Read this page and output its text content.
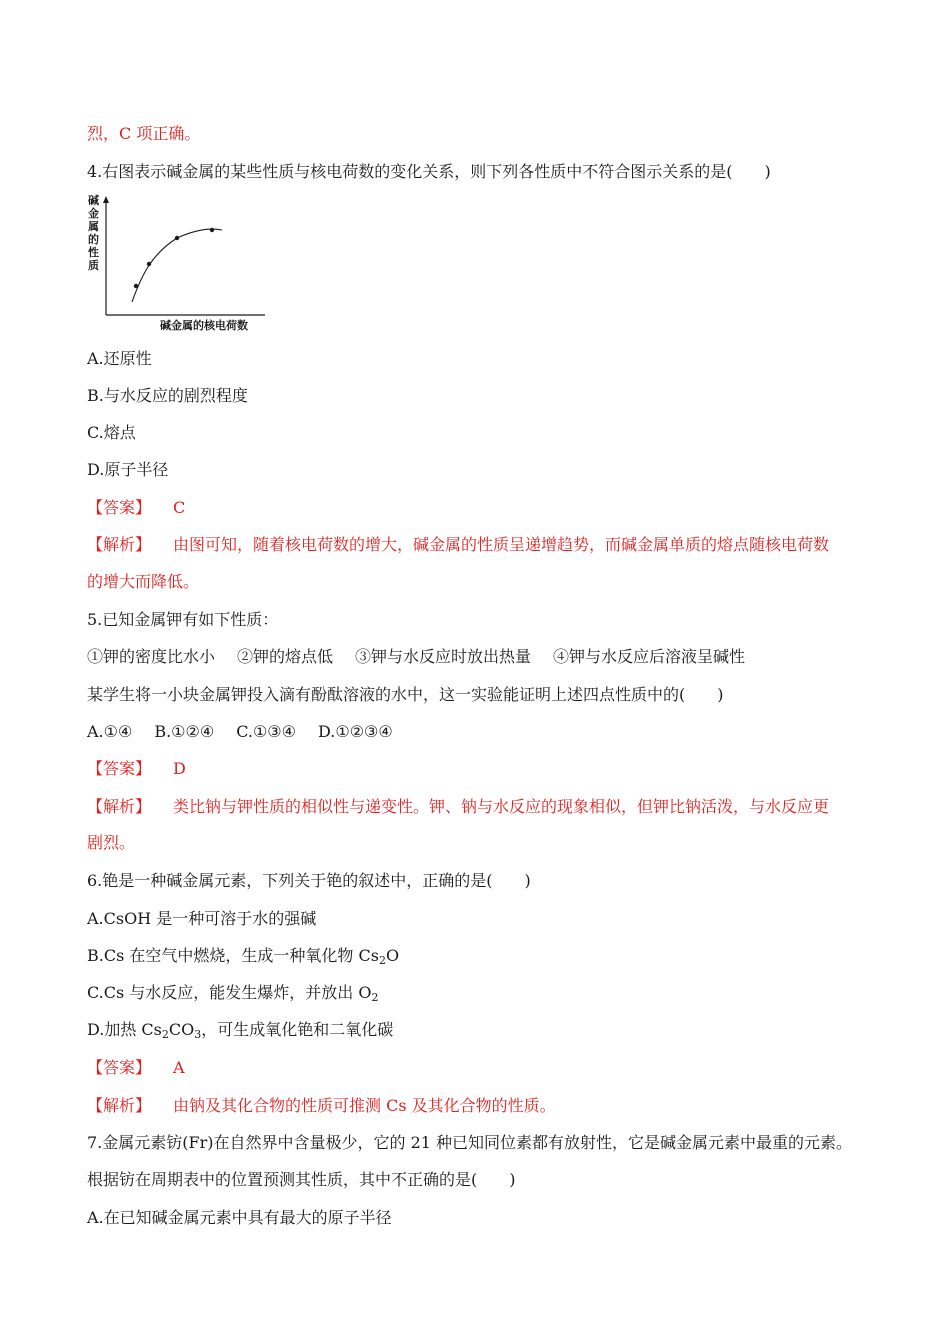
烈，C 项正确。
4.右图表示碱金属的某些性质与核电荷数的变化关系，则下列各性质中不符合图示关系的是(　　)
碱 金 属 的 性 质
碱金属的核电荷数
A.还原性
B.与水反应的剧烈程度
C.熔点
D.原子半径
【答案】 C
【解析】 由图可知，随着核电荷数的增大，碱金属的性质呈递增趋势，而碱金属单质的熔点随核电荷数
的增大而降低。
5.已知金属钾有如下性质：
①钾的密度比水小 ②钾的熔点低 ③钾与水反应时放出热量 ④钾与水反应后溶液呈碱性
某学生将一小块金属钾投入滴有酚酞溶液的水中，这一实验能证明上述四点性质中的(　　)
A.①④ B.①②④ C.①③④ D.①②③④
【答案】 D
【解析】 类比钠与钾性质的相似性与递变性。钾、钠与水反应的现象相似，但钾比钠活泼，与水反应更
剧烈。
6.铯是一种碱金属元素，下列关于铯的叙述中，正确的是(　　)
A.CsOH 是一种可溶于水的强碱
B.Cs 在空气中燃烧，生成一种氧化物 $Cs_2O$
C.Cs 与水反应，能发生爆炸，并放出 $O_2$
D.加热 $Cs_2CO_3$，可生成氧化铯和二氧化碳
【答案】 A
【解析】 由钠及其化合物的性质可推测 Cs 及其化合物的性质。
7.金属元素钫(Fr)在自然界中含量极少，它的 21 种已知同位素都有放射性，它是碱金属元素中最重的元素。
根据钫在周期表中的位置预测其性质，其中不正确的是(　　)
A.在已知碱金属元素中具有最大的原子半径
